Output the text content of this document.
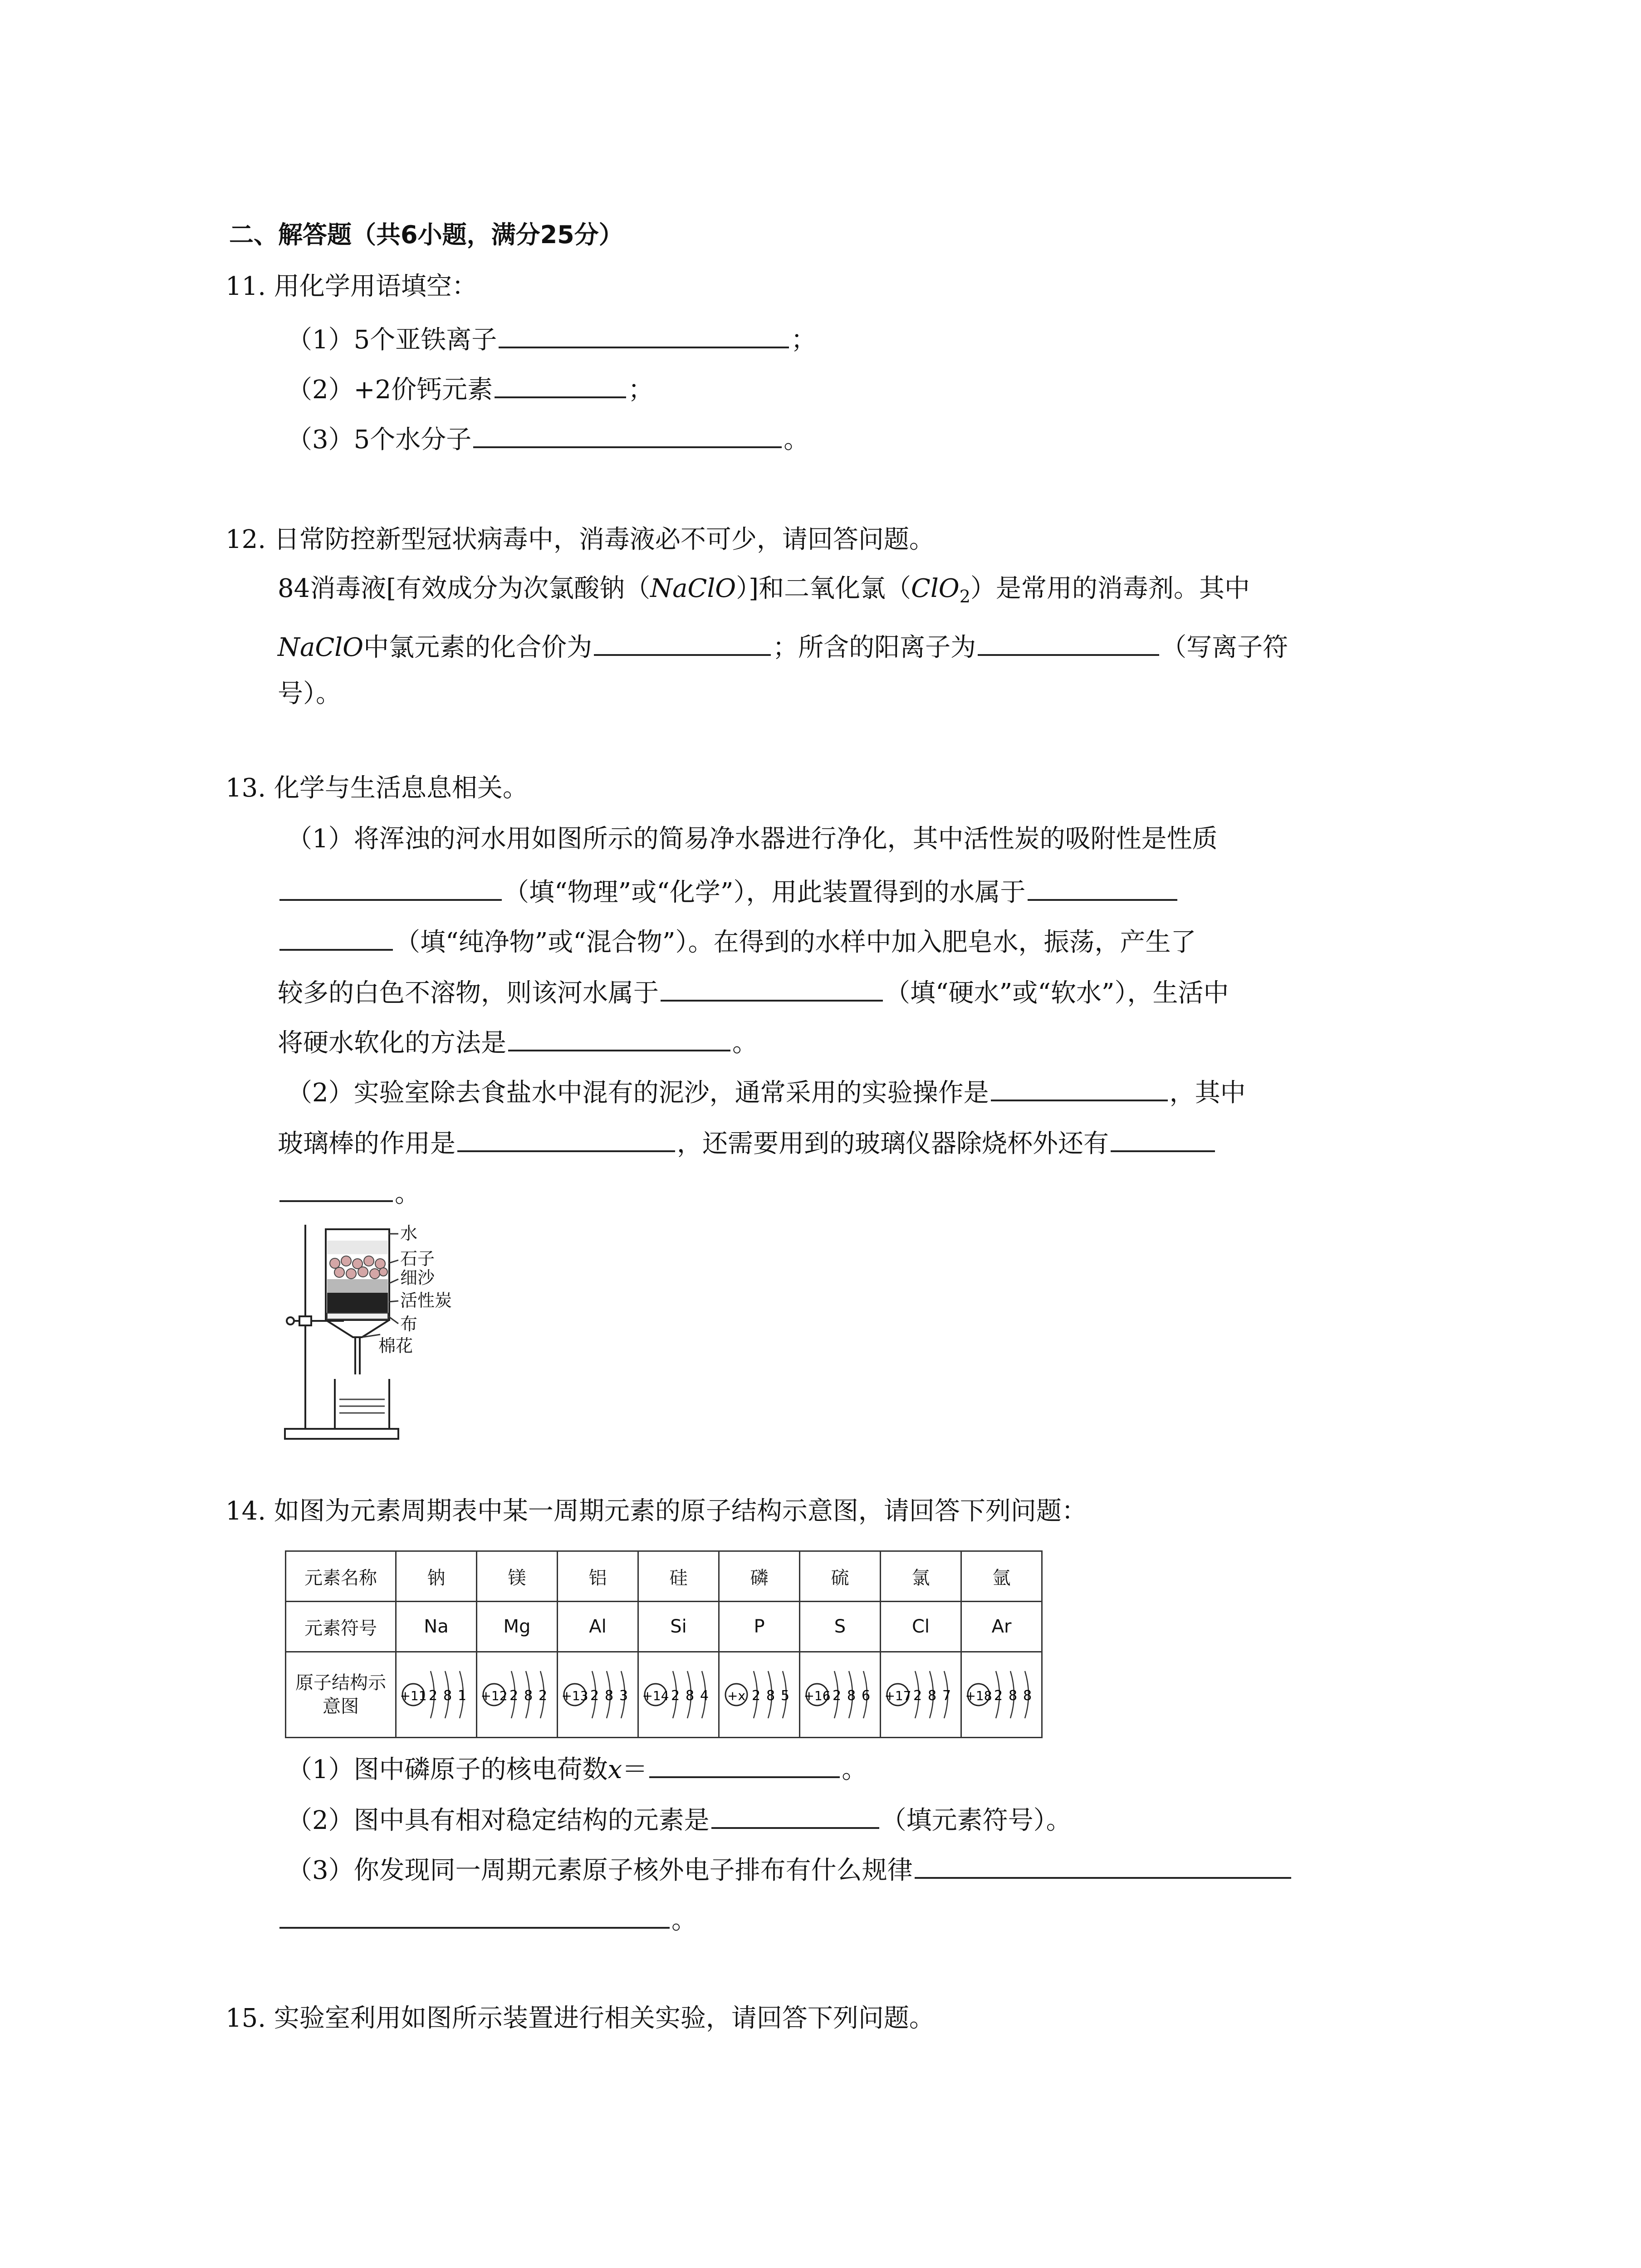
二、解答题（共6小题，满分25分）
11. 用化学用语填空：
（1）5个亚铁离子	；
（2）+2价钙元素	；
（3）5个水分子	。
12. 日常防控新型冠状病毒中，消毒液必不可少，请回答问题。
84消毒液[有效成分为次氯酸钠（NaClO）]和二氧化氯（ClO$_2$）是常用的消毒剂。其中
NaClO中氯元素的化合价为	；所含的阳离子为	（写离子符
号）。
13. 化学与生活息息相关。
（1）将浑浊的河水用如图所示的简易净水器进行净化，其中活性炭的吸附性是性质
（填“物理”或“化学”），用此装置得到的水属于
（填“纯净物”或“混合物”）。在得到的水样中加入肥皂水，振荡，产生了
较多的白色不溶物，则该河水属于	（填“硬水”或“软水”），生活中
将硬水软化的方法是	。
（2）实验室除去食盐水中混有的泥沙，通常采用的实验操作是	，其中
玻璃棒的作用是	，还需要用到的玻璃仪器除烧杯外还有
。
水
石子
细沙
活性炭
布
棉花
14. 如图为元素周期表中某一周期元素的原子结构示意图，请回答下列问题：
元素名称	钠	镁	铝	硅	磷	硫	氯	氩
元素符号	Na	Mg	Al	Si	P	S	Cl	Ar
原子结构示意图	+11 2 8 1	+12 2 8 2	+13 2 8 3	+14 2 8 4	+x 2 8 5	+16 2 8 6	+17 2 8 7	+18 2 8 8
（1）图中磷原子的核电荷数x＝	。
（2）图中具有相对稳定结构的元素是	（填元素符号）。
（3）你发现同一周期元素原子核外电子排布有什么规律
。
15. 实验室利用如图所示装置进行相关实验，请回答下列问题。
